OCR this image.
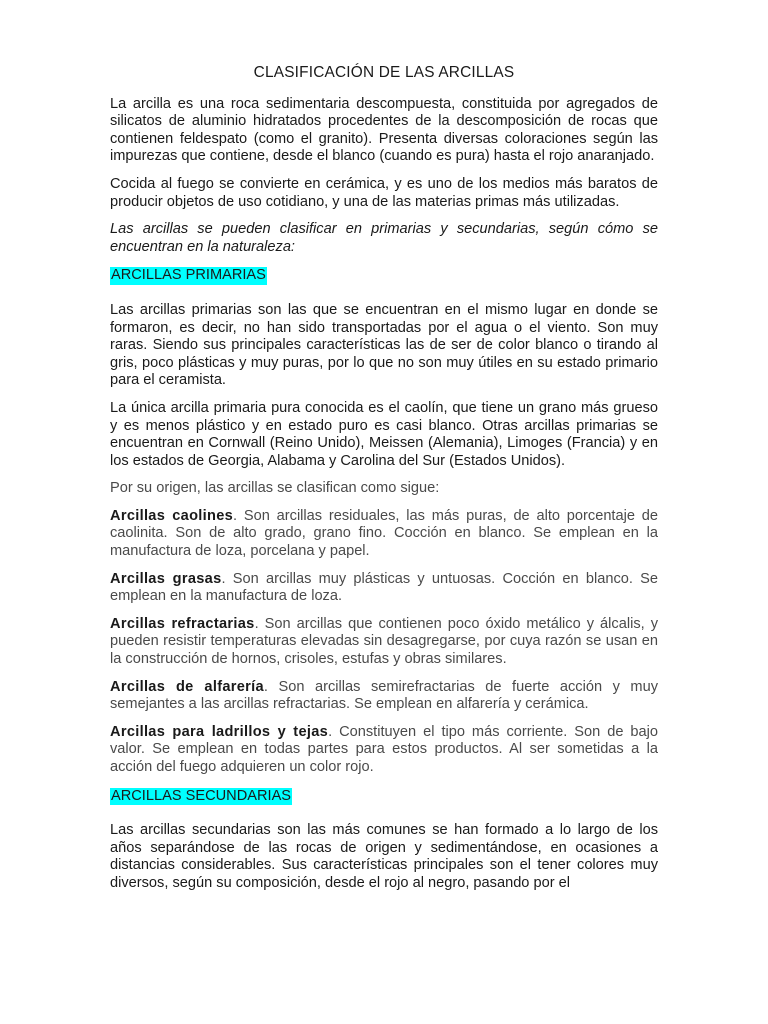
CLASIFICACIÓN DE LAS ARCILLAS

La arcilla es una roca sedimentaria descompuesta, constituida por agregados de silicatos de aluminio hidratados procedentes de la descomposición de rocas que contienen feldespato (como el granito). Presenta diversas coloraciones según las impurezas que contiene, desde el blanco (cuando es pura) hasta el rojo anaranjado.

Cocida al fuego se convierte en cerámica, y es uno de los medios más baratos de producir objetos de uso cotidiano, y una de las materias primas más utilizadas.

Las arcillas se pueden clasificar en primarias y secundarias, según cómo se encuentran en la naturaleza:

ARCILLAS PRIMARIAS

Las arcillas primarias son las que se encuentran en el mismo lugar en donde se formaron, es decir, no han sido transportadas por el agua o el viento. Son muy raras. Siendo sus principales características las de ser de color blanco o tirando al gris, poco plásticas y muy puras, por lo que no son muy útiles en su estado primario para el ceramista.

La única arcilla primaria pura conocida es el caolín, que tiene un grano más grueso y es menos plástico y en estado puro es casi blanco. Otras arcillas primarias se encuentran en Cornwall (Reino Unido), Meissen (Alemania), Limoges (Francia) y en los estados de Georgia, Alabama y Carolina del Sur (Estados Unidos).

Por su origen, las arcillas se clasifican como sigue:

Arcillas caolines. Son arcillas residuales, las más puras, de alto porcentaje de caolinita. Son de alto grado, grano fino. Cocción en blanco. Se emplean en la manufactura de loza, porcelana y papel.

Arcillas grasas. Son arcillas muy plásticas y untuosas. Cocción en blanco. Se emplean en la manufactura de loza.

Arcillas refractarias. Son arcillas que contienen poco óxido metálico y álcalis, y pueden resistir temperaturas elevadas sin desagregarse, por cuya razón se usan en la construcción de hornos, crisoles, estufas y obras similares.

Arcillas de alfarería. Son arcillas semirefractarias de fuerte acción y muy semejantes a las arcillas refractarias. Se emplean en alfarería y cerámica.

Arcillas para ladrillos y tejas. Constituyen el tipo más corriente. Son de bajo valor. Se emplean en todas partes para estos productos. Al ser sometidas a la acción del fuego adquieren un color rojo.

ARCILLAS SECUNDARIAS

Las arcillas secundarias son las más comunes se han formado a lo largo de los años separándose de las rocas de origen y sedimentándose, en ocasiones a distancias considerables. Sus características principales son el tener colores muy diversos, según su composición, desde el rojo al negro, pasando por el
